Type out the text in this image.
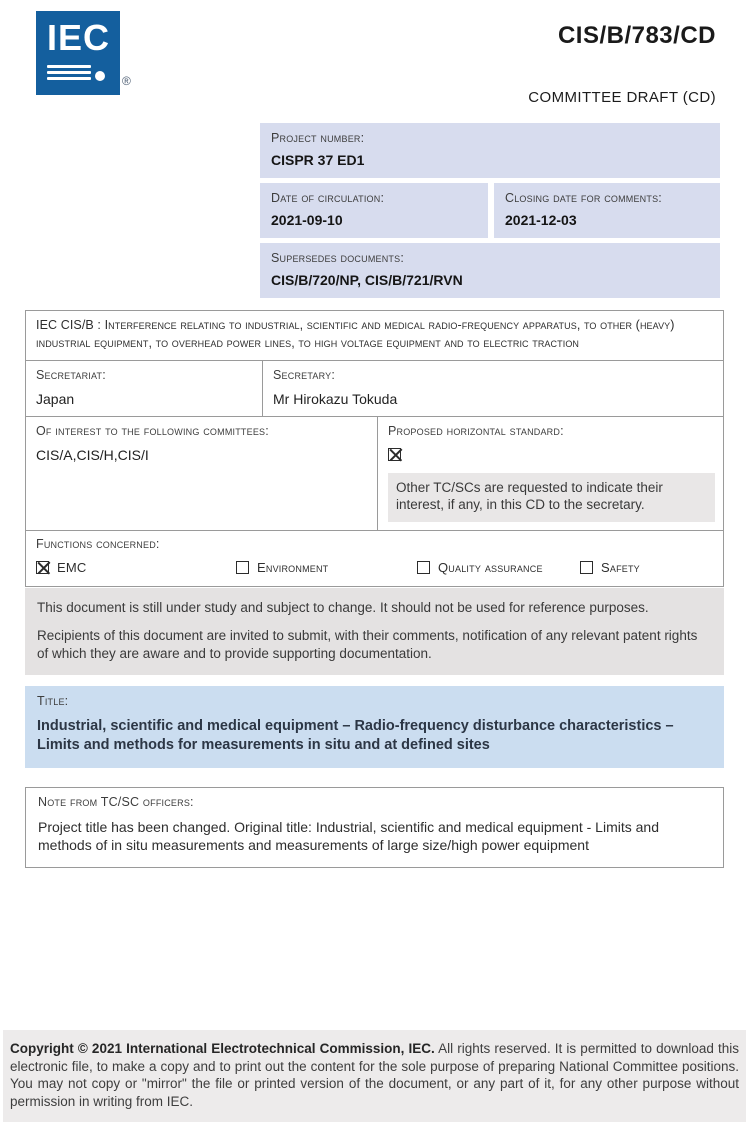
IEC
®
CIS/B/783/CD
COMMITTEE DRAFT (CD)
Project number:
CISPR 37 ED1
Date of circulation:
2021-09-10
Closing date for comments:
2021-12-03
Supersedes documents:
CIS/B/720/NP, CIS/B/721/RVN
IEC CIS/B : Interference relating to industrial, scientific and medical radio-frequency apparatus, to other (heavy) industrial equipment, to overhead power lines, to high voltage equipment and to electric traction
Secretariat:
Japan
Secretary:
Mr Hirokazu Tokuda
Of interest to the following committees:
CIS/A,CIS/H,CIS/I
Proposed horizontal standard:
Other TC/SCs are requested to indicate their interest, if any, in this CD to the secretary.
Functions concerned:
EMC	Environment	Quality assurance	Safety

This document is still under study and subject to change. It should not be used for reference purposes.

Recipients of this document are invited to submit, with their comments, notification of any relevant patent rights of which they are aware and to provide supporting documentation.

Title:
Industrial, scientific and medical equipment – Radio-frequency disturbance characteristics – Limits and methods for measurements in situ and at defined sites
Note from TC/SC officers:
Project title has been changed. Original title: Industrial, scientific and medical equipment - Limits and methods of in situ measurements and measurements of large size/high power equipment
Copyright © 2021 International Electrotechnical Commission, IEC. All rights reserved. It is permitted to download this electronic file, to make a copy and to print out the content for the sole purpose of preparing National Committee positions. You may not copy or "mirror" the file or printed version of the document, or any part of it, for any other purpose without permission in writing from IEC.
